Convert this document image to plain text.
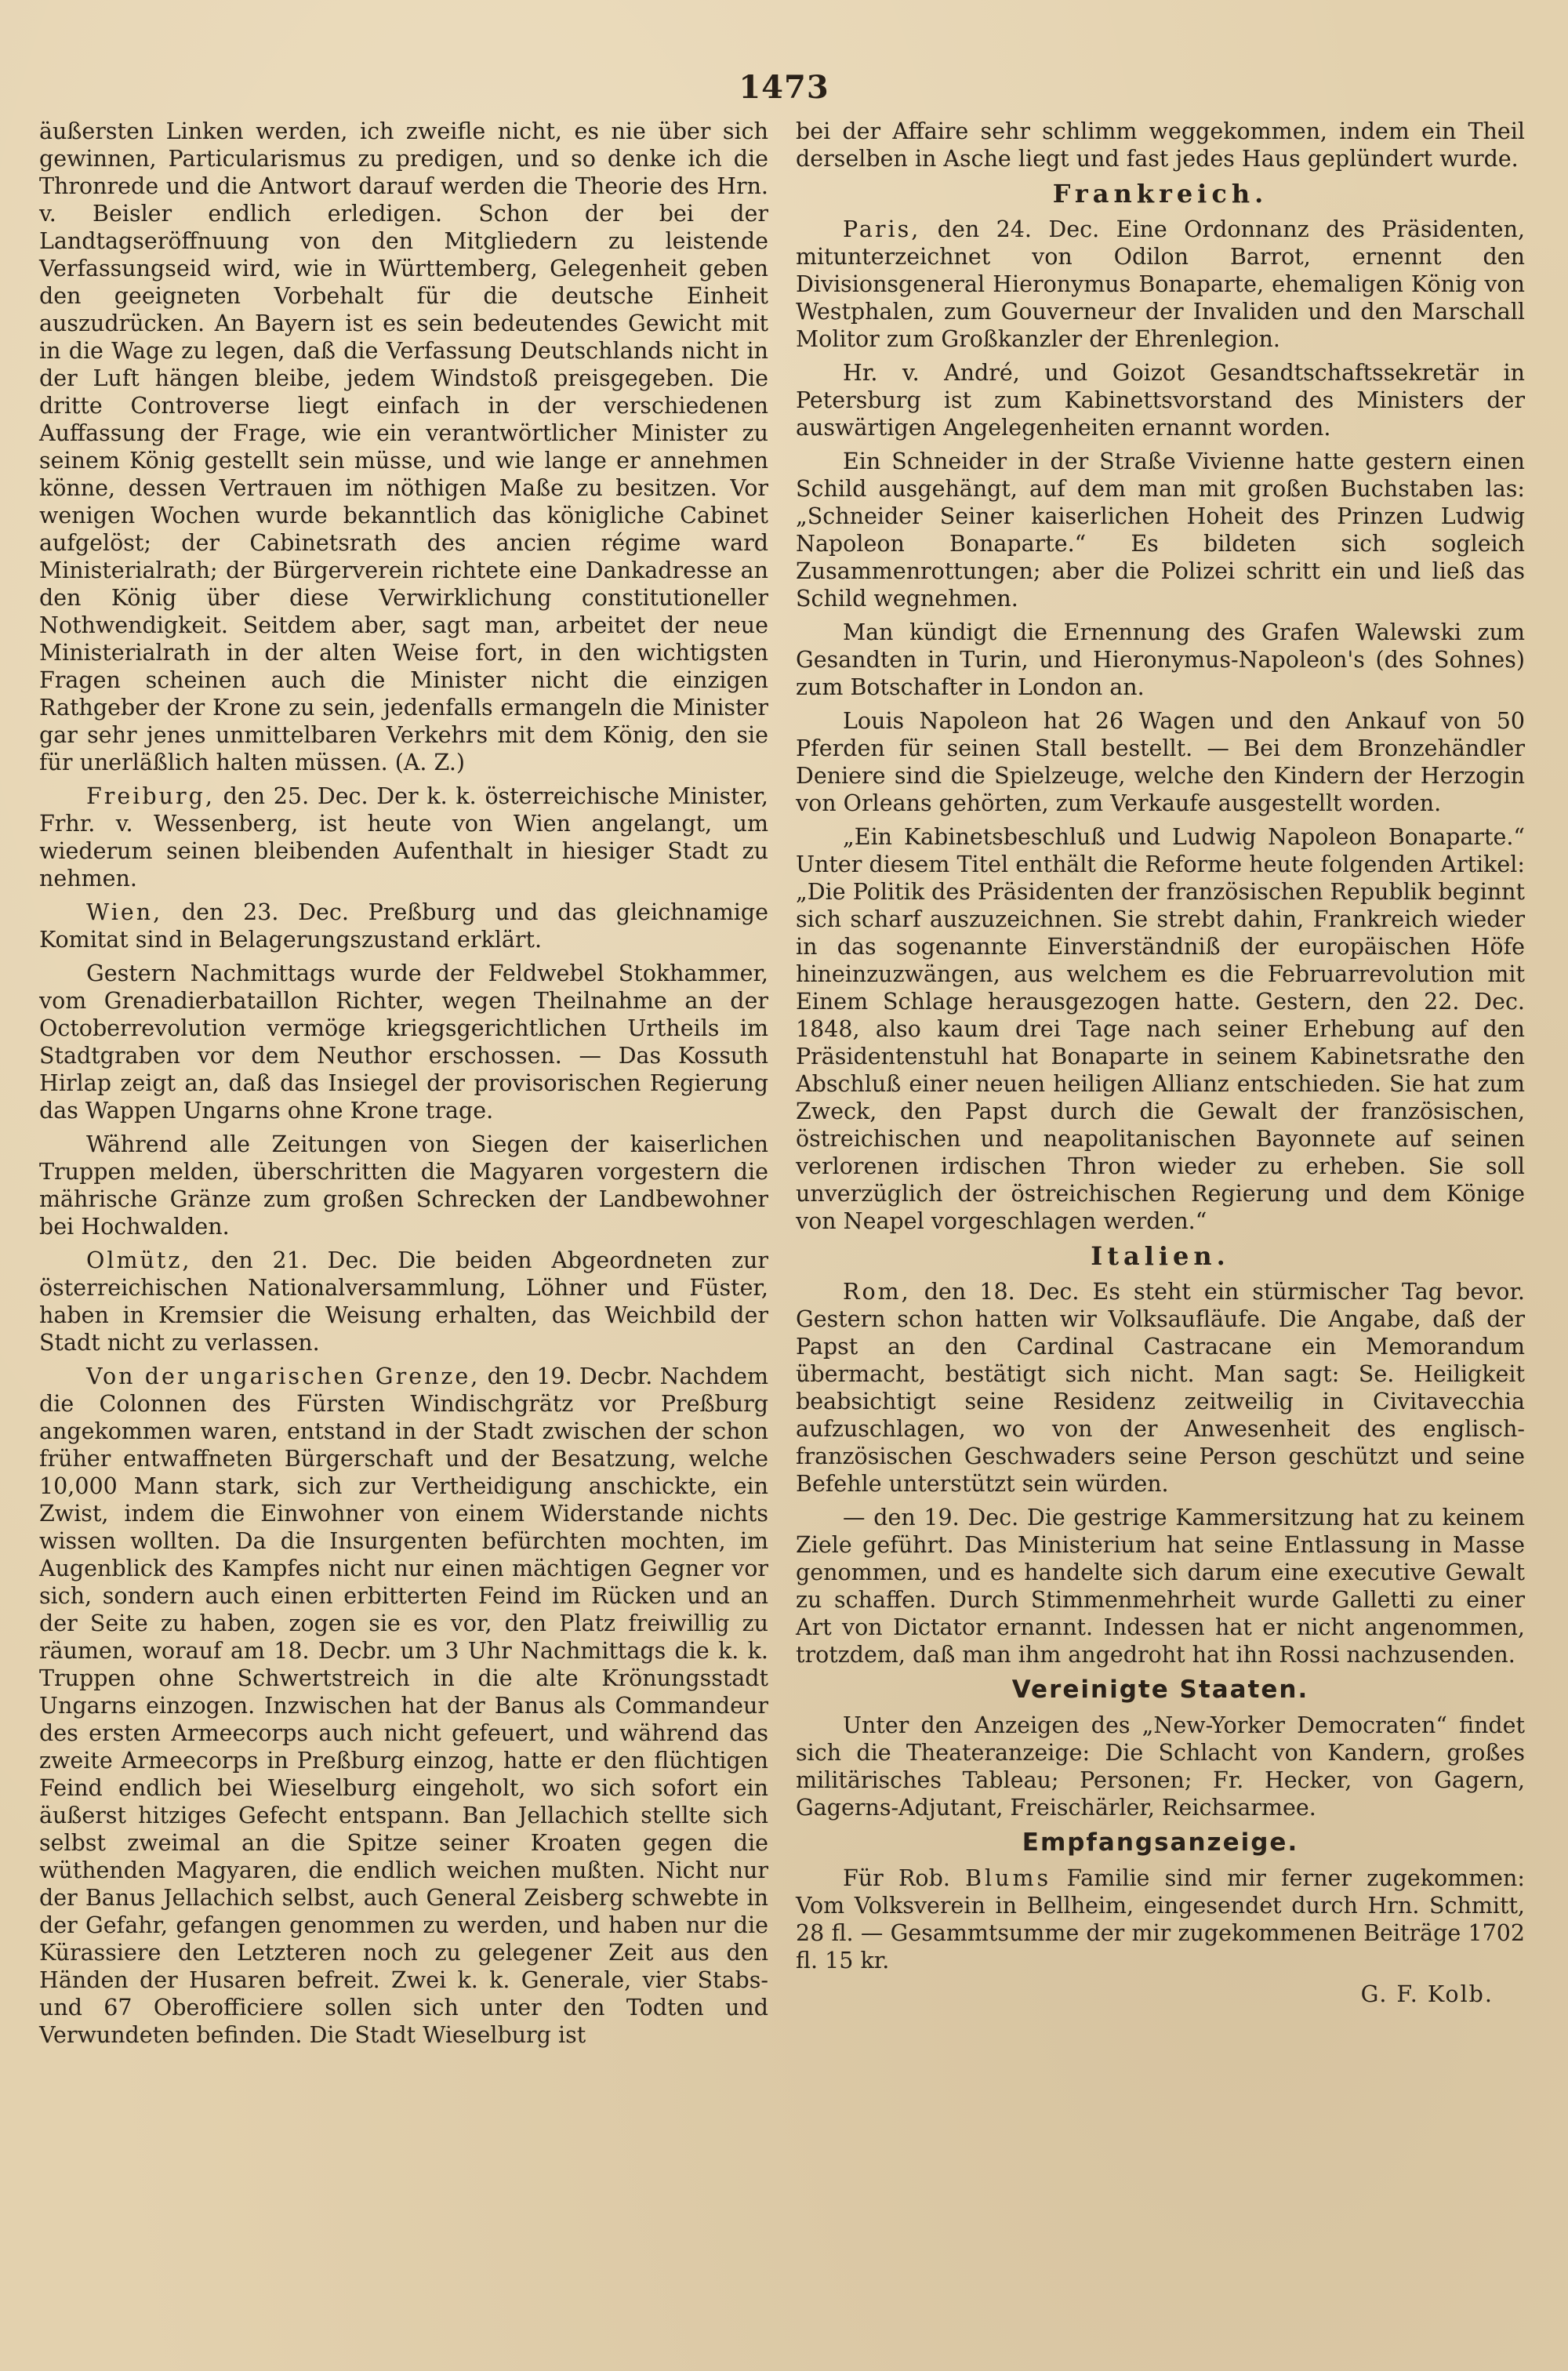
1473

äußersten Linken werden, ich zweifle nicht, es nie über sich gewinnen, Particularismus zu predigen, und so denke ich die Thronrede und die Antwort darauf werden die Theorie des Hrn. v. Beisler endlich erledigen. Schon der bei der Landtagseröffnuung von den Mitgliedern zu leistende Verfassungseid wird, wie in Württemberg, Gelegenheit geben den geeigneten Vorbehalt für die deutsche Einheit auszudrücken. An Bayern ist es sein bedeutendes Gewicht mit in die Wage zu legen, daß die Verfassung Deutschlands nicht in der Luft hängen bleibe, jedem Windstoß preisgegeben. Die dritte Controverse liegt einfach in der verschiedenen Auffassung der Frage, wie ein verantwörtlicher Minister zu seinem König gestellt sein müsse, und wie lange er annehmen könne, dessen Vertrauen im nöthigen Maße zu besitzen. Vor wenigen Wochen wurde bekanntlich das königliche Cabinet aufgelöst; der Cabinetsrath des ancien régime ward Ministerialrath; der Bürgerverein richtete eine Dankadresse an den König über diese Verwirklichung constitutioneller Nothwendigkeit. Seitdem aber, sagt man, arbeitet der neue Ministerialrath in der alten Weise fort, in den wichtigsten Fragen scheinen auch die Minister nicht die einzigen Rathgeber der Krone zu sein, jedenfalls ermangeln die Minister gar sehr jenes unmittelbaren Verkehrs mit dem König, den sie für unerläßlich halten müssen. (A. Z.)

Freiburg, den 25. Dec. Der k. k. österreichische Minister, Frhr. v. Wessenberg, ist heute von Wien angelangt, um wiederum seinen bleibenden Aufenthalt in hiesiger Stadt zu nehmen.

Wien, den 23. Dec. Preßburg und das gleichnamige Komitat sind in Belagerungszustand erklärt.

Gestern Nachmittags wurde der Feldwebel Stokhammer, vom Grenadierbataillon Richter, wegen Theilnahme an der Octoberrevolution vermöge kriegsgerichtlichen Urtheils im Stadtgraben vor dem Neuthor erschossen. — Das Kossuth Hirlap zeigt an, daß das Insiegel der provisorischen Regierung das Wappen Ungarns ohne Krone trage.

Während alle Zeitungen von Siegen der kaiserlichen Truppen melden, überschritten die Magyaren vorgestern die mährische Gränze zum großen Schrecken der Landbewohner bei Hochwalden.

Olmütz, den 21. Dec. Die beiden Abgeordneten zur österreichischen Nationalversammlung, Löhner und Füster, haben in Kremsier die Weisung erhalten, das Weichbild der Stadt nicht zu verlassen.

Von der ungarischen Grenze, den 19. Decbr. Nachdem die Colonnen des Fürsten Windischgrätz vor Preßburg angekommen waren, entstand in der Stadt zwischen der schon früher entwaffneten Bürgerschaft und der Besatzung, welche 10,000 Mann stark, sich zur Vertheidigung anschickte, ein Zwist, indem die Einwohner von einem Widerstande nichts wissen wollten. Da die Insurgenten befürchten mochten, im Augenblick des Kampfes nicht nur einen mächtigen Gegner vor sich, sondern auch einen erbitterten Feind im Rücken und an der Seite zu haben, zogen sie es vor, den Platz freiwillig zu räumen, worauf am 18. Decbr. um 3 Uhr Nachmittags die k. k. Truppen ohne Schwertstreich in die alte Krönungsstadt Ungarns einzogen. Inzwischen hat der Banus als Commandeur des ersten Armeecorps auch nicht gefeuert, und während das zweite Armeecorps in Preßburg einzog, hatte er den flüchtigen Feind endlich bei Wieselburg eingeholt, wo sich sofort ein äußerst hitziges Gefecht entspann. Ban Jellachich stellte sich selbst zweimal an die Spitze seiner Kroaten gegen die wüthenden Magyaren, die endlich weichen mußten. Nicht nur der Banus Jellachich selbst, auch General Zeisberg schwebte in der Gefahr, gefangen genommen zu werden, und haben nur die Kürassiere den Letzteren noch zu gelegener Zeit aus den Händen der Husaren befreit. Zwei k. k. Generale, vier Stabs- und 67 Oberofficiere sollen sich unter den Todten und Verwundeten befinden. Die Stadt Wieselburg ist

bei der Affaire sehr schlimm weggekommen, indem ein Theil derselben in Asche liegt und fast jedes Haus geplündert wurde.

Frankreich.

Paris, den 24. Dec. Eine Ordonnanz des Präsidenten, mitunterzeichnet von Odilon Barrot, ernennt den Divisionsgeneral Hieronymus Bonaparte, ehemaligen König von Westphalen, zum Gouverneur der Invaliden und den Marschall Molitor zum Großkanzler der Ehrenlegion.

Hr. v. André, und Goizot Gesandtschaftssekretär in Petersburg ist zum Kabinettsvorstand des Ministers der auswärtigen Angelegenheiten ernannt worden.

Ein Schneider in der Straße Vivienne hatte gestern einen Schild ausgehängt, auf dem man mit großen Buchstaben las: „Schneider Seiner kaiserlichen Hoheit des Prinzen Ludwig Napoleon Bonaparte.“ Es bildeten sich sogleich Zusammenrottungen; aber die Polizei schritt ein und ließ das Schild wegnehmen.

Man kündigt die Ernennung des Grafen Walewski zum Gesandten in Turin, und Hieronymus-Napoleon's (des Sohnes) zum Botschafter in London an.

Louis Napoleon hat 26 Wagen und den Ankauf von 50 Pferden für seinen Stall bestellt. — Bei dem Bronzehändler Deniere sind die Spielzeuge, welche den Kindern der Herzogin von Orleans gehörten, zum Verkaufe ausgestellt worden.

„Ein Kabinetsbeschluß und Ludwig Napoleon Bonaparte.“ Unter diesem Titel enthält die Reforme heute folgenden Artikel: „Die Politik des Präsidenten der französischen Republik beginnt sich scharf auszuzeichnen. Sie strebt dahin, Frankreich wieder in das sogenannte Einverständniß der europäischen Höfe hineinzuzwängen, aus welchem es die Februarrevolution mit Einem Schlage herausgezogen hatte. Gestern, den 22. Dec. 1848, also kaum drei Tage nach seiner Erhebung auf den Präsidentenstuhl hat Bonaparte in seinem Kabinetsrathe den Abschluß einer neuen heiligen Allianz entschieden. Sie hat zum Zweck, den Papst durch die Gewalt der französischen, östreichischen und neapolitanischen Bayonnete auf seinen verlorenen irdischen Thron wieder zu erheben. Sie soll unverzüglich der östreichischen Regierung und dem Könige von Neapel vorgeschlagen werden.“

Italien.

Rom, den 18. Dec. Es steht ein stürmischer Tag bevor. Gestern schon hatten wir Volksaufläufe. Die Angabe, daß der Papst an den Cardinal Castracane ein Memorandum übermacht, bestätigt sich nicht. Man sagt: Se. Heiligkeit beabsichtigt seine Residenz zeitweilig in Civitavecchia aufzuschlagen, wo von der Anwesenheit des englisch-französischen Geschwaders seine Person geschützt und seine Befehle unterstützt sein würden.

— den 19. Dec. Die gestrige Kammersitzung hat zu keinem Ziele geführt. Das Ministerium hat seine Entlassung in Masse genommen, und es handelte sich darum eine executive Gewalt zu schaffen. Durch Stimmenmehrheit wurde Galletti zu einer Art von Dictator ernannt. Indessen hat er nicht angenommen, trotzdem, daß man ihm angedroht hat ihn Rossi nachzusenden.

Vereinigte Staaten.

Unter den Anzeigen des „New-Yorker Democraten“ findet sich die Theateranzeige: Die Schlacht von Kandern, großes militärisches Tableau; Personen; Fr. Hecker, von Gagern, Gagerns-Adjutant, Freischärler, Reichsarmee.

Empfangsanzeige.

Für Rob. Blums Familie sind mir ferner zugekommen: Vom Volksverein in Bellheim, eingesendet durch Hrn. Schmitt, 28 fl. — Gesammtsumme der mir zugekommenen Beiträge 1702 fl. 15 kr.

G. F. Kolb.
